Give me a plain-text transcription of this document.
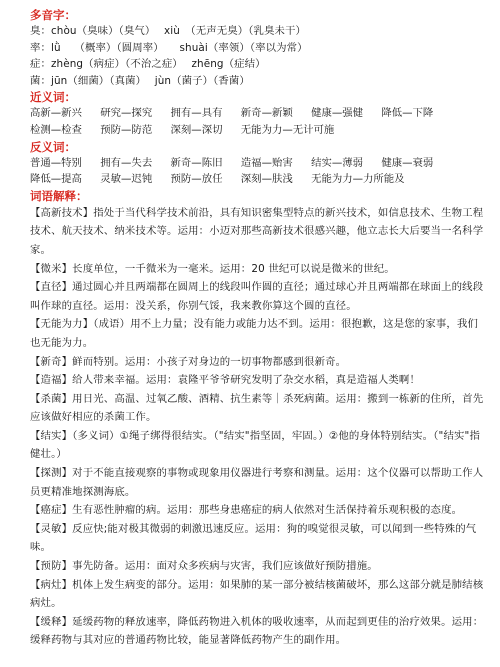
多音字：
臭：chòu（臭味）（臭气）　 xiù　（无声无臭）（乳臭未干）
率：lǜ　 （概率）（圆周率）　　shuài（率领）（率以为常）
症：zhèng（病症）（不治之症）　 zhēng（症结）
菌：jūn（细菌）（真菌）　 jùn（菌子）（香菌）
近义词：
高新—新兴 研究—探究 拥有—具有 新奇—新颖 健康—强健 降低—下降
检测—检查 预防—防范 深刻—深切 无能为力—无计可施
反义词：
普通—特别 拥有—失去 新奇—陈旧 造福—贻害 结实—薄弱 健康—衰弱
降低—提高 灵敏—迟钝 预防—放任 深刻—肤浅 无能为力—力所能及
词语解释：
【高新技术】指处于当代科学技术前沿，具有知识密集型特点的新兴技术，如信息技术、生物工程技术、航天技术、纳米技术等。运用：小迈对那些高新技术很感兴趣，他立志长大后要当一名科学家。
【微米】长度单位，一千微米为一毫米。运用：20 世纪可以说是微米的世纪。
【直径】通过圆心并且两端都在圆周上的线段叫作圆的直径；通过球心并且两端都在球面上的线段叫作球的直径。运用：没关系，你别气馁，我来教你算这个圆的直径。
【无能为力】（成语）用不上力量；没有能力或能力达不到。运用：很抱歉，这是您的家事，我们也无能为力。
【新奇】鲜而特别。运用：小孩子对身边的一切事物都感到很新奇。
【造福】给人带来幸福。运用：袁隆平爷爷研究发明了杂交水稻，真是造福人类啊！
【杀菌】用日光、高温、过氧乙酸、酒精、抗生素等｜杀死病菌。运用：搬到一栋新的住所，首先应该做好相应的杀菌工作。
【结实】（多义词）①绳子绑得很结实。（"结实"指坚固，牢固。）②他的身体特别结实。（"结实"指健壮。）
【探测】对于不能直接观察的事物或现象用仪器进行考察和测量。运用：这个仪器可以帮助工作人员更精准地探测海底。
【癌症】生有恶性肿瘤的病。运用：那些身患癌症的病人依然对生活保持着乐观积极的态度。
【灵敏】反应快;能对极其微弱的刺激迅速反应。运用：狗的嗅觉很灵敏，可以闻到一些特殊的气味。
【预防】事先防备。运用：面对众多疾病与灾害，我们应该做好预防措施。
【病灶】机体上发生病变的部分。运用：如果肺的某一部分被结核菌破坏，那么这部分就是肺结核病灶。
【缓释】延缓药物的释放速率，降低药物进入机体的吸收速率，从而起到更佳的治疗效果。运用：缓释药物与其对应的普通药物比较，能显著降低药物产生的副作用。
